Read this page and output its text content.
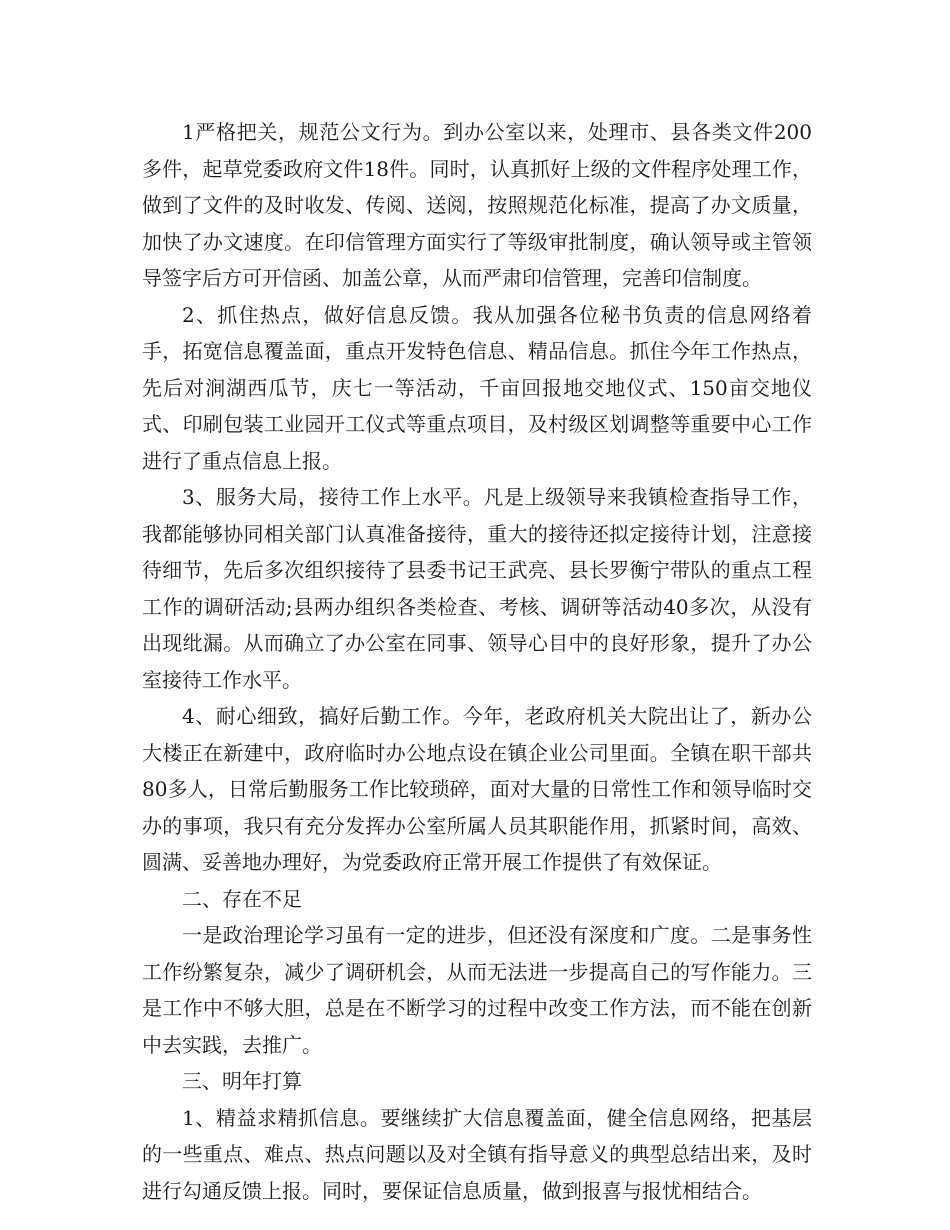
1严格把关，规范公文行为。到办公室以来，处理市、县各类文件200多件，起草党委政府文件18件。同时，认真抓好上级的文件程序处理工作，做到了文件的及时收发、传阅、送阅，按照规范化标准，提高了办文质量，加快了办文速度。在印信管理方面实行了等级审批制度，确认领导或主管领导签字后方可开信函、加盖公章，从而严肃印信管理，完善印信制度。

2、抓住热点，做好信息反馈。我从加强各位秘书负责的信息网络着手，拓宽信息覆盖面，重点开发特色信息、精品信息。抓住今年工作热点，先后对涧湖西瓜节，庆七一等活动，千亩回报地交地仪式、150亩交地仪式、印刷包装工业园开工仪式等重点项目，及村级区划调整等重要中心工作进行了重点信息上报。

3、服务大局，接待工作上水平。凡是上级领导来我镇检查指导工作，我都能够协同相关部门认真准备接待，重大的接待还拟定接待计划，注意接待细节，先后多次组织接待了县委书记王武亮、县长罗衡宁带队的重点工程工作的调研活动;县两办组织各类检查、考核、调研等活动40多次，从没有出现纰漏。从而确立了办公室在同事、领导心目中的良好形象，提升了办公室接待工作水平。

4、耐心细致，搞好后勤工作。今年，老政府机关大院出让了，新办公大楼正在新建中，政府临时办公地点设在镇企业公司里面。全镇在职干部共80多人，日常后勤服务工作比较琐碎，面对大量的日常性工作和领导临时交办的事项，我只有充分发挥办公室所属人员其职能作用，抓紧时间，高效、圆满、妥善地办理好，为党委政府正常开展工作提供了有效保证。

二、存在不足

一是政治理论学习虽有一定的进步，但还没有深度和广度。二是事务性工作纷繁复杂，减少了调研机会，从而无法进一步提高自己的写作能力。三是工作中不够大胆，总是在不断学习的过程中改变工作方法，而不能在创新中去实践，去推广。

三、明年打算

1、精益求精抓信息。要继续扩大信息覆盖面，健全信息网络，把基层的一些重点、难点、热点问题以及对全镇有指导意义的典型总结出来，及时进行勾通反馈上报。同时，要保证信息质量，做到报喜与报忧相结合。
